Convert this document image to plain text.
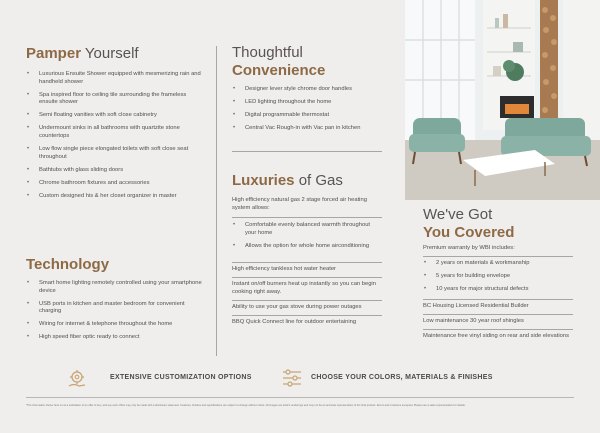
Pamper Yourself
• Luxurious Ensuite Shower equipped with mesmerizing rain and handheld shower
• Spa inspired floor to ceiling tile surrounding the frameless ensuite shower
• Semi floating vanities with soft close cabinetry
• Undermount sinks in all bathrooms with quartzite stone countertops
• Low flow single piece elongated toilets with soft close seat throughout
• Bathtubs with glass sliding doors
• Chrome bathroom fixtures and accessories
• Custom designed his & her closet organizer in master
Technology
• Smart home lighting remotely controlled using your smartphone device
• USB ports in kitchen and master bedroom for convenient charging
• Wiring for internet & telephone throughout the home
• High speed fiber optic ready to connect
Thoughtful
Convenience
• Designer lever style chrome door handles
• LED lighting throughout the home
• Digital programmable thermostat
• Central Vac Rough-in with Vac pan in kitchen
Luxuries of Gas
High efficiency natural gas 2 stage forced air heating system allows:
• Comfortable evenly balanced warmth throughout your home
• Allows the option for whole home airconditioning
High efficiency tankless hot water heater
Instant on/off burners heat up instantly so you can begin cooking right away.
Ability to use your gas stove during power outages
BBQ Quick Connect line for outdoor entertaining
We've Got
You Covered
Premium warranty by WBI includes:
• 2 years on materials & workmanship
• 5 years for building envelope
• 10 years for major structural defects
BC Housing Licensed Residential Builder
Low maintenance 30 year roof shingles
Maintenance free vinyl siding on rear and side elevations
EXTENSIVE CUSTOMIZATION OPTIONS	CHOOSE YOUR COLORS, MATERIALS & FINISHES
*The information shown here is not a solicitation of an offer to buy, and any such offers may only be made with a disclosure statement. Features, finishes and specifications are subject to change without notice. All images are artist's renderings and may not be an accurate representation of the final product. Errors and omissions excepted. Please see a sales representative for details.
